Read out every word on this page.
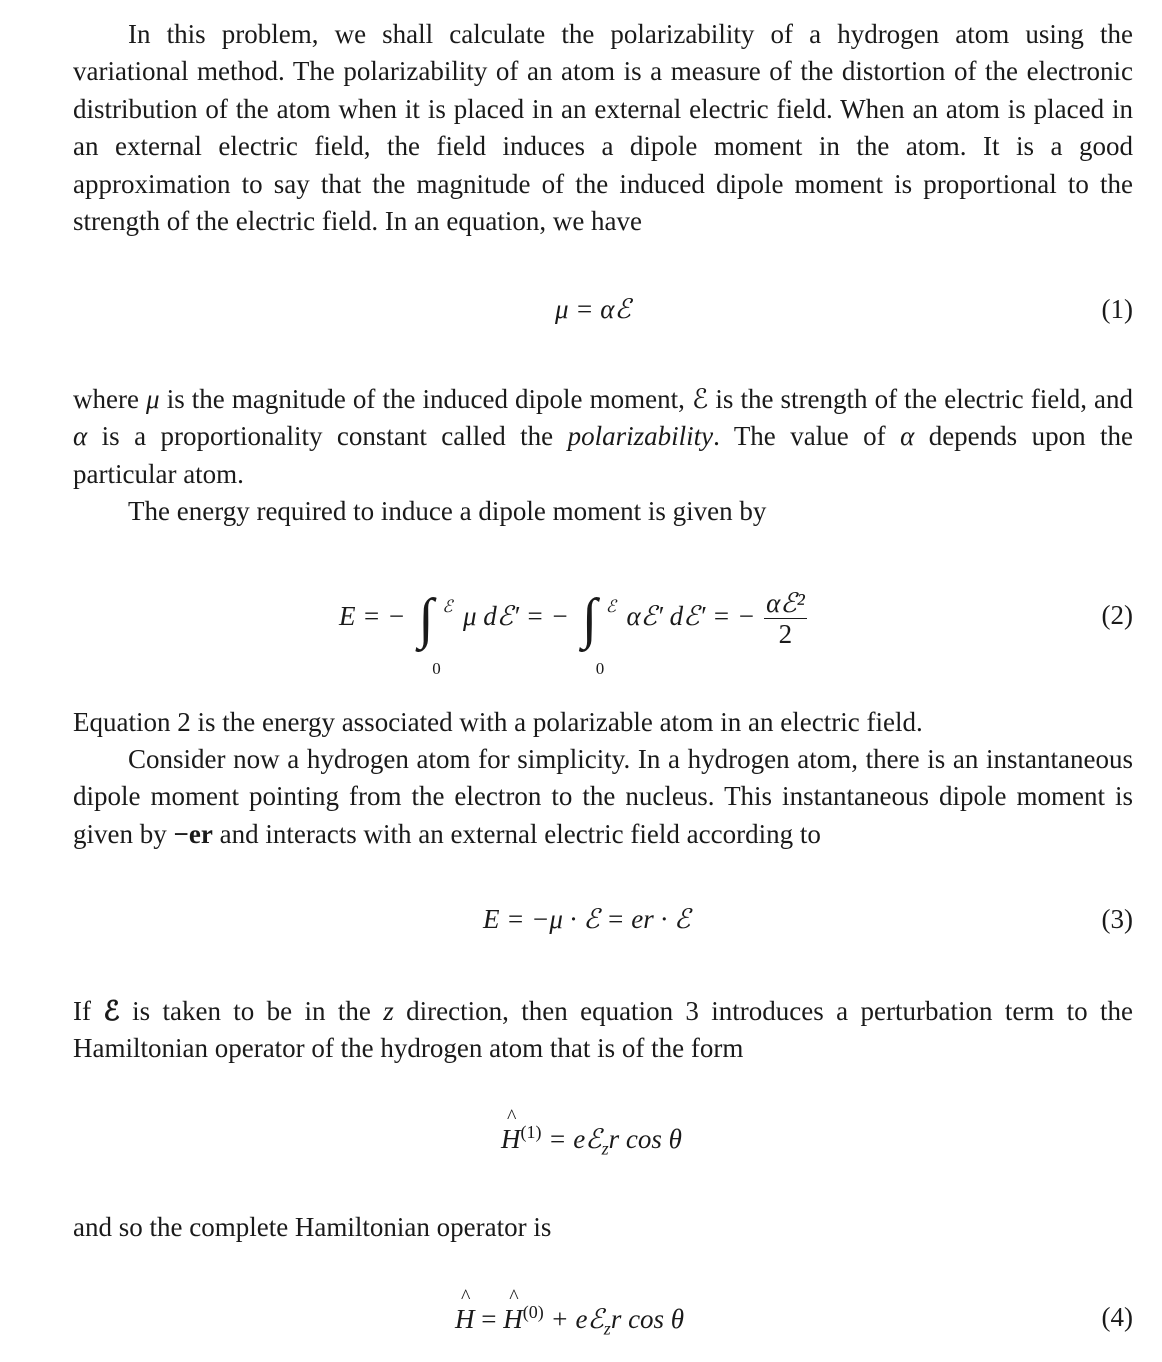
In this problem, we shall calculate the polarizability of a hydrogen atom using the variational method. The polarizability of an atom is a measure of the distortion of the electronic distribution of the atom when it is placed in an external electric field. When an atom is placed in an external electric field, the field induces a dipole moment in the atom. It is a good approximation to say that the magnitude of the induced dipole moment is proportional to the strength of the electric field. In an equation, we have
μ = αℰ	(1)
where μ is the magnitude of the induced dipole moment, ℰ is the strength of the electric field, and α is a proportionality constant called the polarizability. The value of α depends upon the particular atom.
The energy required to induce a dipole moment is given by
E = − ∫ ℰ
0
μ dℰ′ = − ∫ ℰ
0
αℰ′ dℰ′ = − $\frac{\text{αℰ²}}{2}$	(2)
Equation 2 is the energy associated with a polarizable atom in an electric field.
Consider now a hydrogen atom for simplicity. In a hydrogen atom, there is an instantaneous dipole moment pointing from the electron to the nucleus. This instantaneous dipole moment is given by −er and interacts with an external electric field according to
E = −μ · ℰ = er · ℰ	(3)
If ℰ is taken to be in the z direction, then equation 3 introduces a perturbation term to the Hamiltonian operator of the hydrogen atom that is of the form
^ $H^{(1)}$ = eℰ$_z$r cos θ
and so the complete Hamiltonian operator is
^ H = ^ $H^{(0)}$ + eℰ$_z$r cos θ	(4)
